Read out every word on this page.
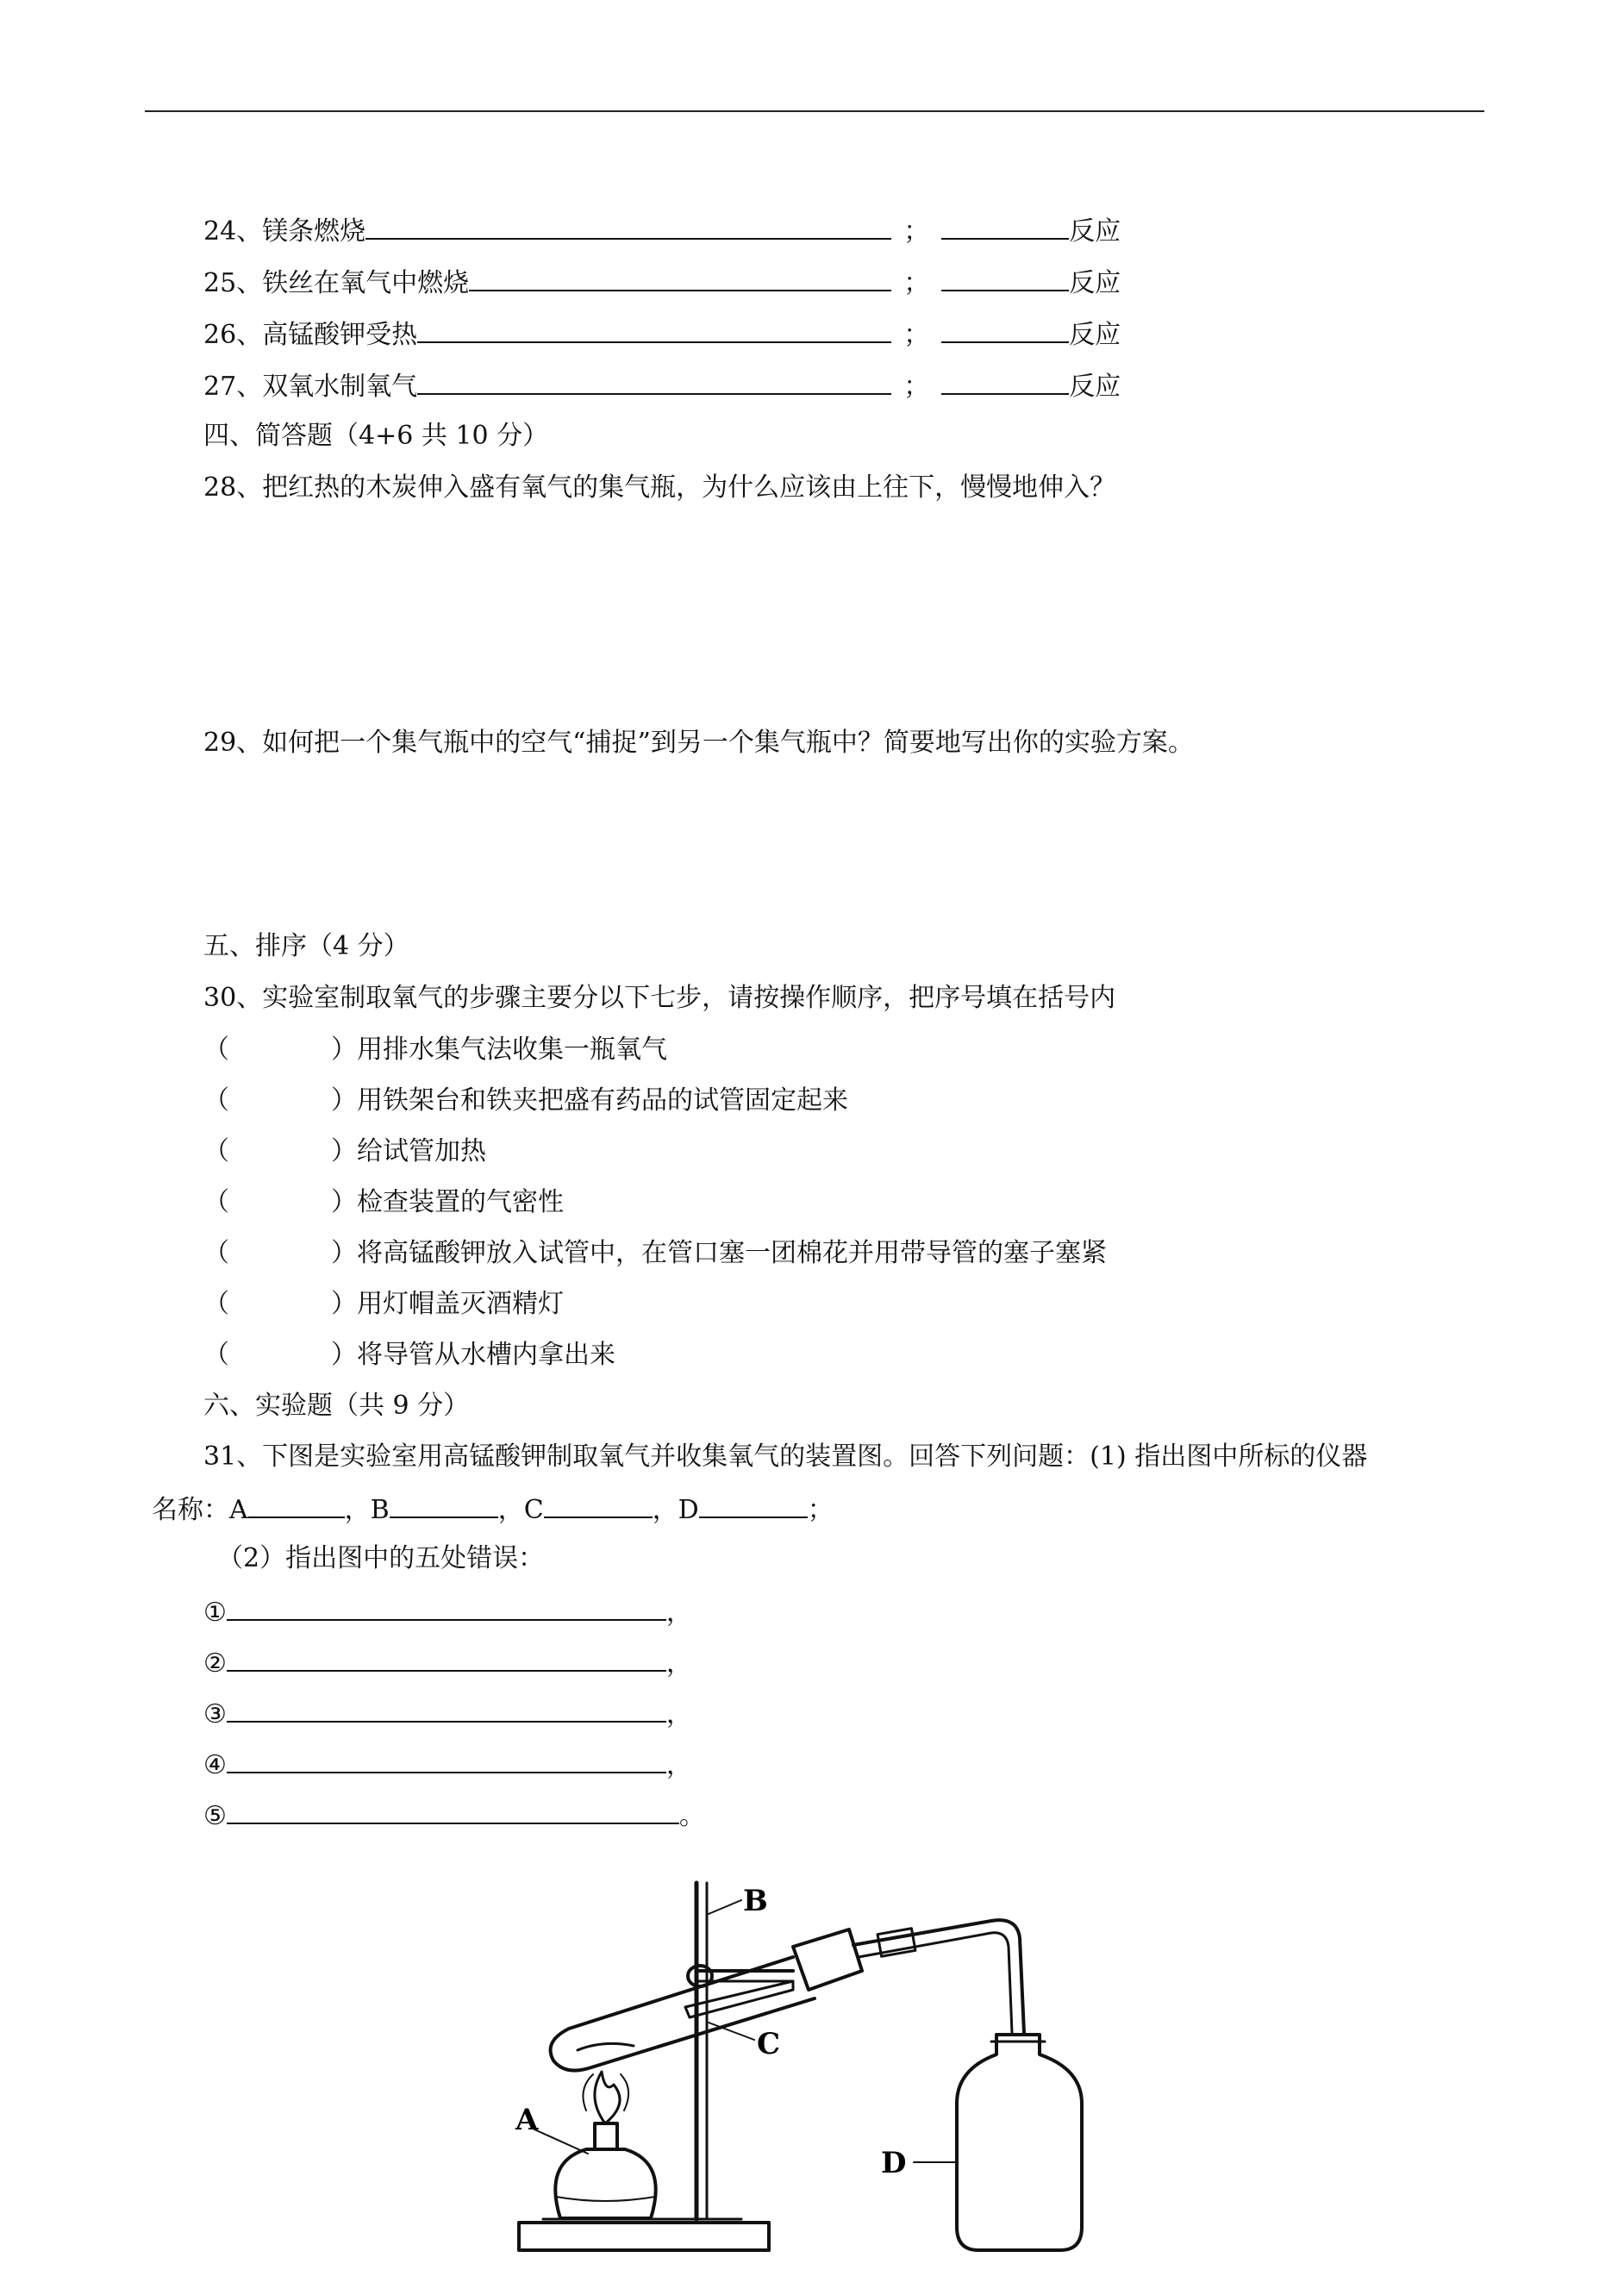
24、镁条燃烧	；	反应
25、铁丝在氧气中燃烧	；	反应
26、高锰酸钾受热	；	反应
27、双氧水制氧气	；	反应
四、简答题（4+6 共 10 分）
28、把红热的木炭伸入盛有氧气的集气瓶，为什么应该由上往下，慢慢地伸入？
29、如何把一个集气瓶中的空气“捕捉”到另一个集气瓶中？简要地写出你的实验方案。
五、排序（4 分）
30、实验室制取氧气的步骤主要分以下七步，请按操作顺序，把序号填在括号内
（	）用排水集气法收集一瓶氧气
（	）用铁架台和铁夹把盛有药品的试管固定起来
（	）给试管加热
（	）检查装置的气密性
（	）将高锰酸钾放入试管中，在管口塞一团棉花并用带导管的塞子塞紧
（	）用灯帽盖灭酒精灯
（	）将导管从水槽内拿出来
六、实验题（共 9 分）
31、下图是实验室用高锰酸钾制取氧气并收集氧气的装置图。回答下列问题：(1) 指出图中所标的仪器
名称：A	，B	，C	，D	；
（2）指出图中的五处错误：
①	，
②	，
③	，
④	，
⑤	。
A
B
C
D
